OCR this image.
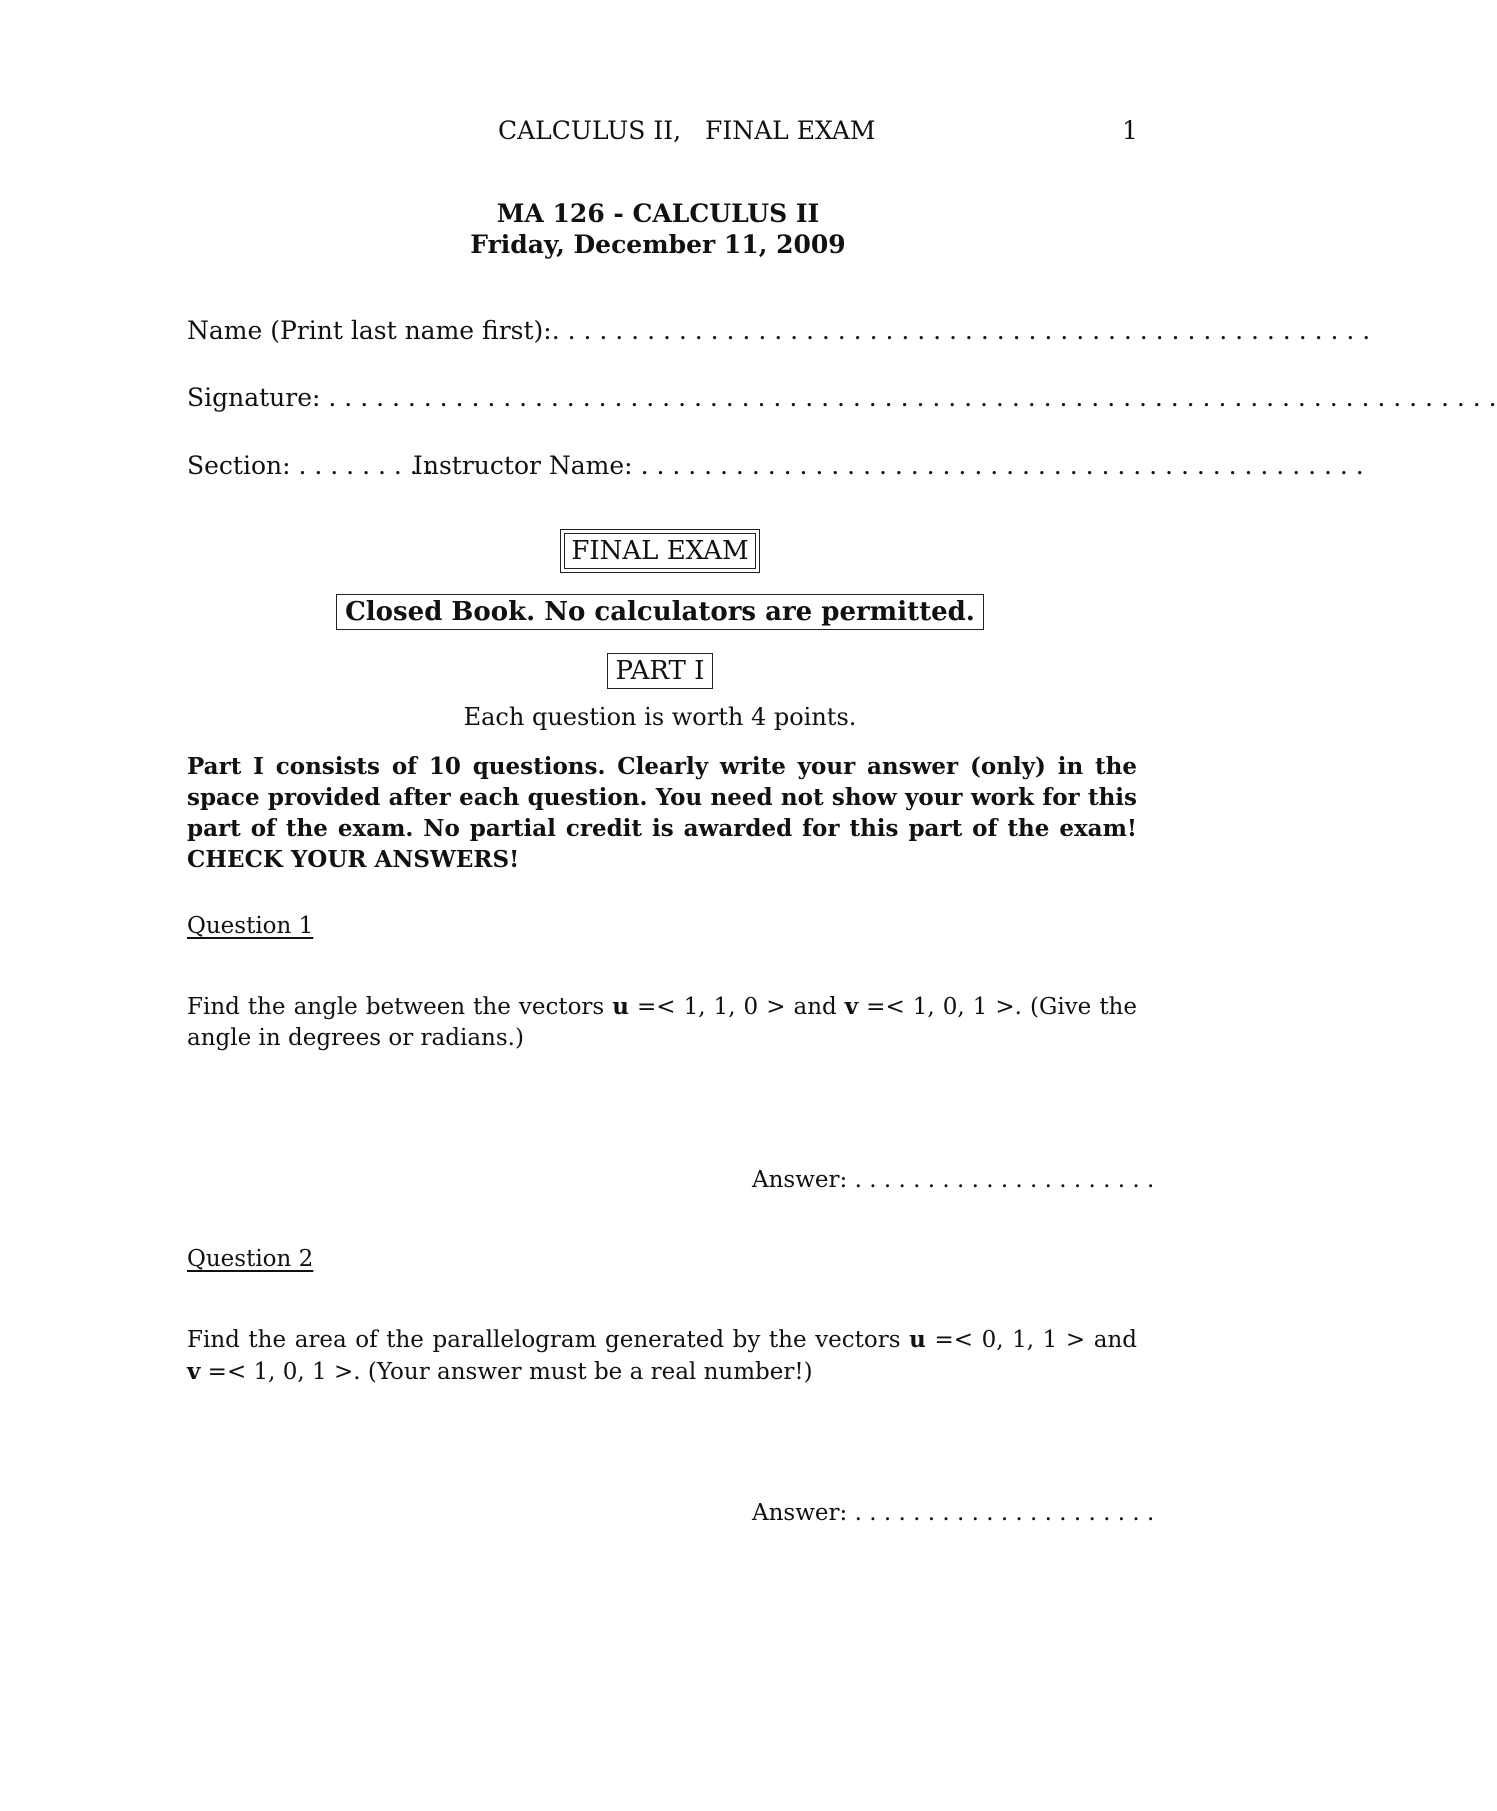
CALCULUS II, FINAL EXAM	1
MA 126 - CALCULUS II
Friday, December 11, 2009
Name (Print last name first):. . . . . . . . . . . . . . . . . . . . . . . . . . . . . . . . . . . . . . . . . . . . . . . . . . . .
Signature: . . . . . . . . . . . . . . . . . . . . . . . . . . . . . . . . . . . . . . . . . . . . . . . . . . . . . . . . . . . . . . . . . . . . . . . . . .
Section: . . . . . . . . .
Instructor Name: . . . . . . . . . . . . . . . . . . . . . . . . . . . . . . . . . . . . . . . . . . . . . .
FINAL EXAM
Closed Book. No calculators are permitted.
PART I
Each question is worth 4 points.
Part I consists of 10 questions. Clearly write your answer (only) in the space provided after each question. You need not show your work for this part of the exam. No partial credit is awarded for this part of the exam! CHECK YOUR ANSWERS!
Question 1
Find the angle between the vectors u =< 1, 1, 0 > and v =< 1, 0, 1 >. (Give the angle in degrees or radians.)
Answer: . . . . . . . . . . . . . . . . . . . . .
Question 2
Find the area of the parallelogram generated by the vectors u =< 0, 1, 1 > and v =< 1, 0, 1 >. (Your answer must be a real number!)
Answer: . . . . . . . . . . . . . . . . . . . . .
